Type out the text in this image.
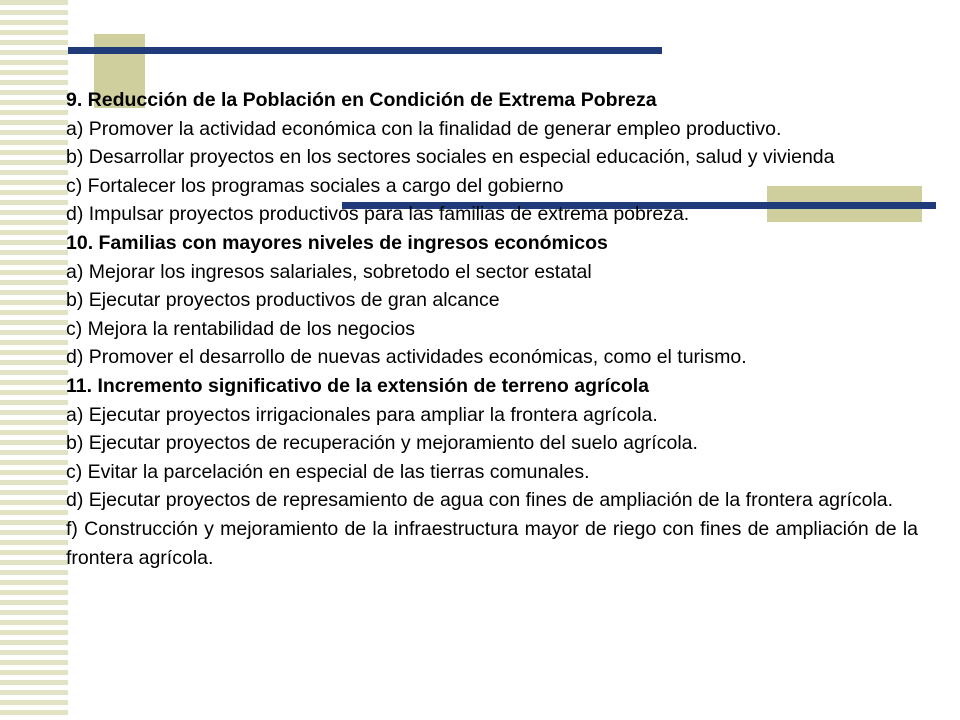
9. Reducción de la Población en Condición de Extrema Pobreza

a) Promover la actividad económica con la finalidad de generar empleo productivo.

b) Desarrollar proyectos en los sectores sociales en especial educación, salud y vivienda

c) Fortalecer los programas sociales a cargo del gobierno

d) Impulsar proyectos productivos para las familias de extrema pobreza.

10. Familias con mayores niveles de ingresos económicos

a) Mejorar los ingresos salariales, sobretodo el sector estatal

b) Ejecutar proyectos productivos de gran alcance

c) Mejora la rentabilidad de los negocios

d) Promover el desarrollo de nuevas actividades económicas, como el turismo.

11. Incremento significativo de la extensión de terreno agrícola

a) Ejecutar proyectos irrigacionales para ampliar la frontera agrícola.

b) Ejecutar proyectos de recuperación y mejoramiento del suelo agrícola.

c) Evitar la parcelación en especial de las tierras comunales.

d) Ejecutar proyectos de represamiento de agua con fines de ampliación de la frontera agrícola.

f) Construcción y mejoramiento de la infraestructura mayor de riego con fines de ampliación de la frontera agrícola.
